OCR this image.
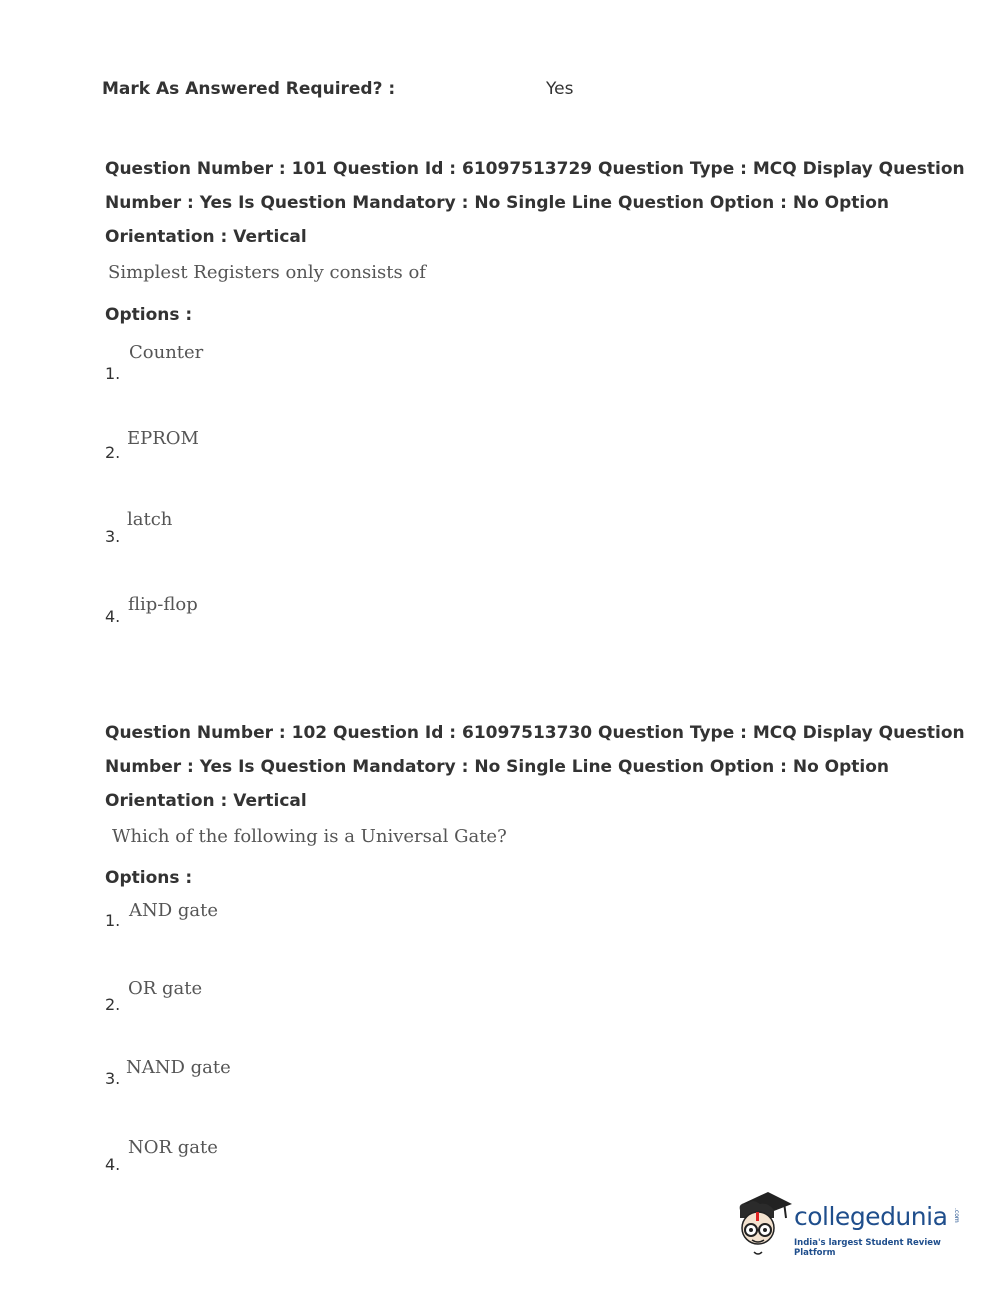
Mark As Answered Required? :	Yes
Question Number : 101 Question Id : 61097513729 Question Type : MCQ Display Question
Number : Yes Is Question Mandatory : No Single Line Question Option : No Option
Orientation : Vertical
Simplest Registers only consists of
Options :
Counter
1.
EPROM
2.
latch
3.
flip-flop
4.
Question Number : 102 Question Id : 61097513730 Question Type : MCQ Display Question
Number : Yes Is Question Mandatory : No Single Line Question Option : No Option
Orientation : Vertical
Which of the following is a Universal Gate?
Options :
AND gate
1.
OR gate
2.
NAND gate
3.
NOR gate
4.
collegedunia .com
India's largest Student Review Platform
